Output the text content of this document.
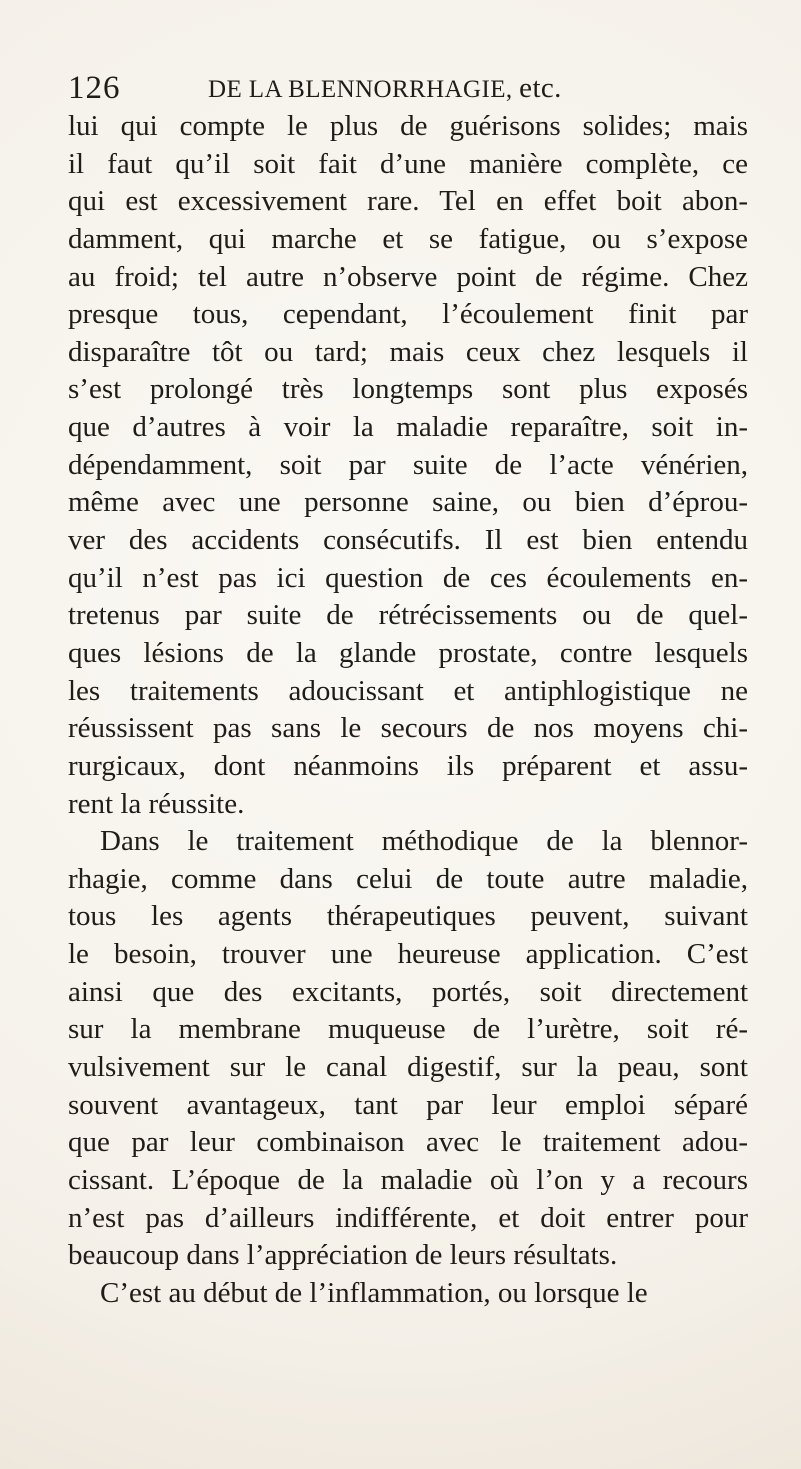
126	DE LA BLENNORRHAGIE, etc.
lui qui compte le plus de guérisons solides; mais
il faut qu’il soit fait d’une manière complète, ce
qui est excessivement rare. Tel en effet boit abon-
damment, qui marche et se fatigue, ou s’expose
au froid; tel autre n’observe point de régime. Chez
presque tous, cependant, l’écoulement finit par
disparaître tôt ou tard; mais ceux chez lesquels il
s’est prolongé très longtemps sont plus exposés
que d’autres à voir la maladie reparaître, soit in-
dépendamment, soit par suite de l’acte vénérien,
même avec une personne saine, ou bien d’éprou-
ver des accidents consécutifs. Il est bien entendu
qu’il n’est pas ici question de ces écoulements en-
tretenus par suite de rétrécissements ou de quel-
ques lésions de la glande prostate, contre lesquels
les traitements adoucissant et antiphlogistique ne
réussissent pas sans le secours de nos moyens chi-
rurgicaux, dont néanmoins ils préparent et assu-
rent la réussite.
Dans le traitement méthodique de la blennor-
rhagie, comme dans celui de toute autre maladie,
tous les agents thérapeutiques peuvent, suivant
le besoin, trouver une heureuse application. C’est
ainsi que des excitants, portés, soit directement
sur la membrane muqueuse de l’urètre, soit ré-
vulsivement sur le canal digestif, sur la peau, sont
souvent avantageux, tant par leur emploi séparé
que par leur combinaison avec le traitement adou-
cissant. L’époque de la maladie où l’on y a recours
n’est pas d’ailleurs indifférente, et doit entrer pour
beaucoup dans l’appréciation de leurs résultats.
C’est au début de l’inflammation, ou lorsque le
